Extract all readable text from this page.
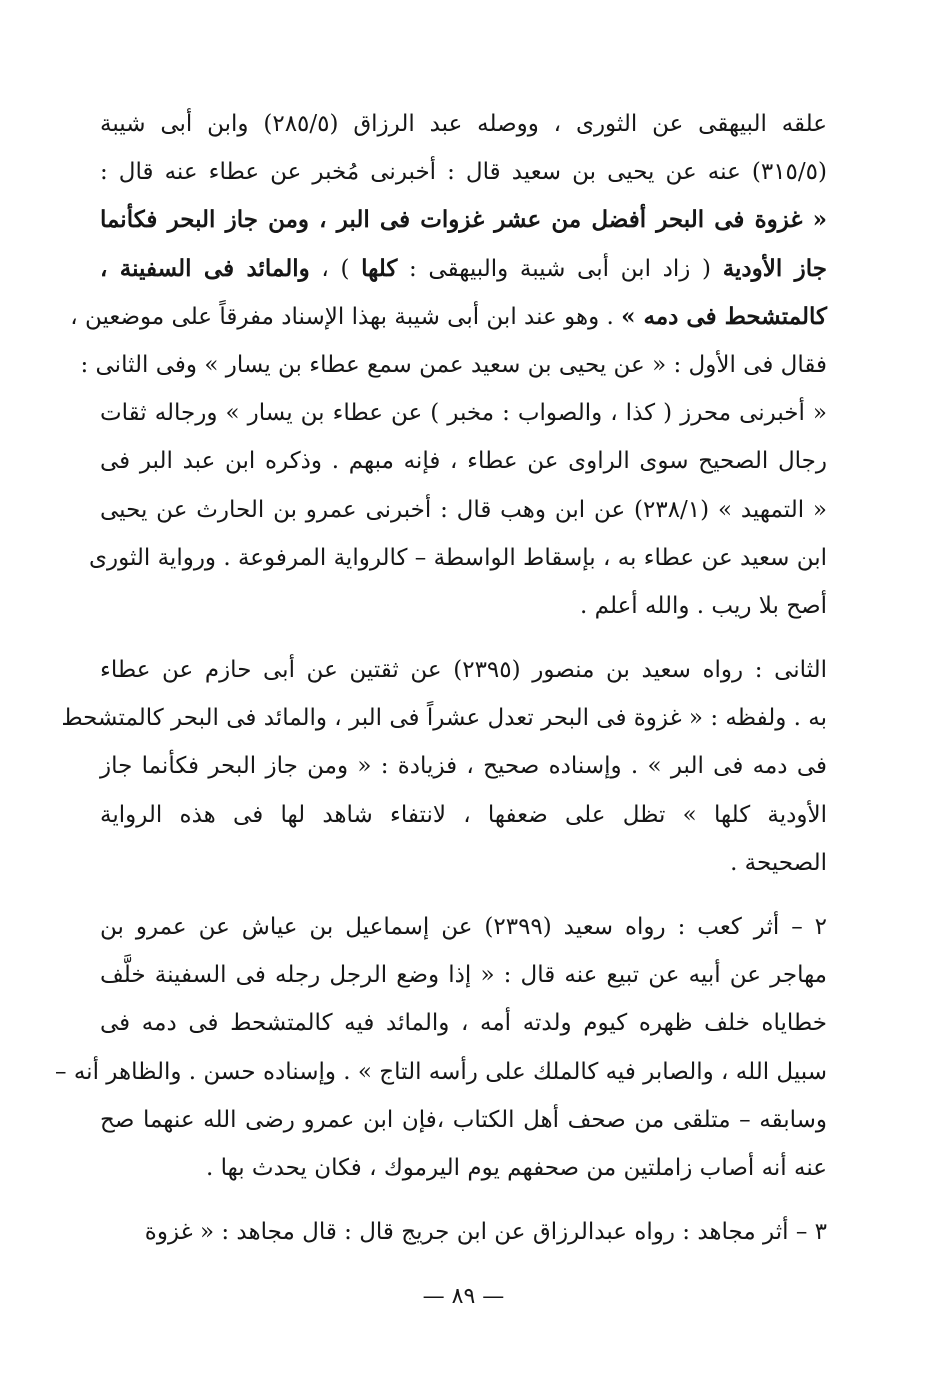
علقه البيهقى عن الثورى ، ووصله عبد الرزاق (٢٨٥/٥) وابن أبى شيبة
(٣١٥/٥) عنه عن يحيى بن سعيد قال : أخبرنى مُخبر عن عطاء عنه قال :
« غزوة فى البحر أفضل من عشر غزوات فى البر ، ومن جاز البحر فكأنما
جاز الأودية ( زاد ابن أبى شيبة والبيهقى : كلها ) ، والمائد فى السفينة ،
كالمتشحط فى دمه » . وهو عند ابن أبى شيبة بهذا الإسناد مفرقاً على موضعين ،
فقال فى الأول : « عن يحيى بن سعيد عمن سمع عطاء بن يسار » وفى الثانى :
« أخبرنى محرز ( كذا ، والصواب : مخبر ) عن عطاء بن يسار » ورجاله ثقات
رجال الصحيح سوى الراوى عن عطاء ، فإنه مبهم . وذكره ابن عبد البر فى
« التمهيد » (٢٣٨/١) عن ابن وهب قال : أخبرنى عمرو بن الحارث عن يحيى
ابن سعيد عن عطاء به ، بإسقاط الواسطة – كالرواية المرفوعة . ورواية الثورى
أصح بلا ريب . والله أعلم .

الثانى : رواه سعيد بن منصور (٢٣٩٥) عن ثقتين عن أبى حازم عن عطاء
به . ولفظه : « غزوة فى البحر تعدل عشراً فى البر ، والمائد فى البحر كالمتشحط
فى دمه فى البر » . وإسناده صحيح ، فزيادة : « ومن جاز البحر فكأنما جاز
الأودية كلها » تظل على ضعفها ، لانتفاء شاهد لها فى هذه الرواية
الصحيحة .

٢ – أثر كعب : رواه سعيد (٢٣٩٩) عن إسماعيل بن عياش عن عمرو بن
مهاجر عن أبيه عن تبيع عنه قال : « إذا وضع الرجل رجله فى السفينة خلَّف
خطاياه خلف ظهره كيوم ولدته أمه ، والمائد فيه كالمتشحط فى دمه فى
سبيل الله ، والصابر فيه كالملك على رأسه التاج » . وإسناده حسن . والظاهر أنه –
وسابقه – متلقى من صحف أهل الكتاب ،فإن ابن عمرو رضى الله عنهما صح
عنه أنه أصاب زاملتين من صحفهم يوم اليرموك ، فكان يحدث بها .

٣ – أثر مجاهد : رواه عبدالرزاق عن ابن جريج قال : قال مجاهد : « غزوة

— ٨٩ —
